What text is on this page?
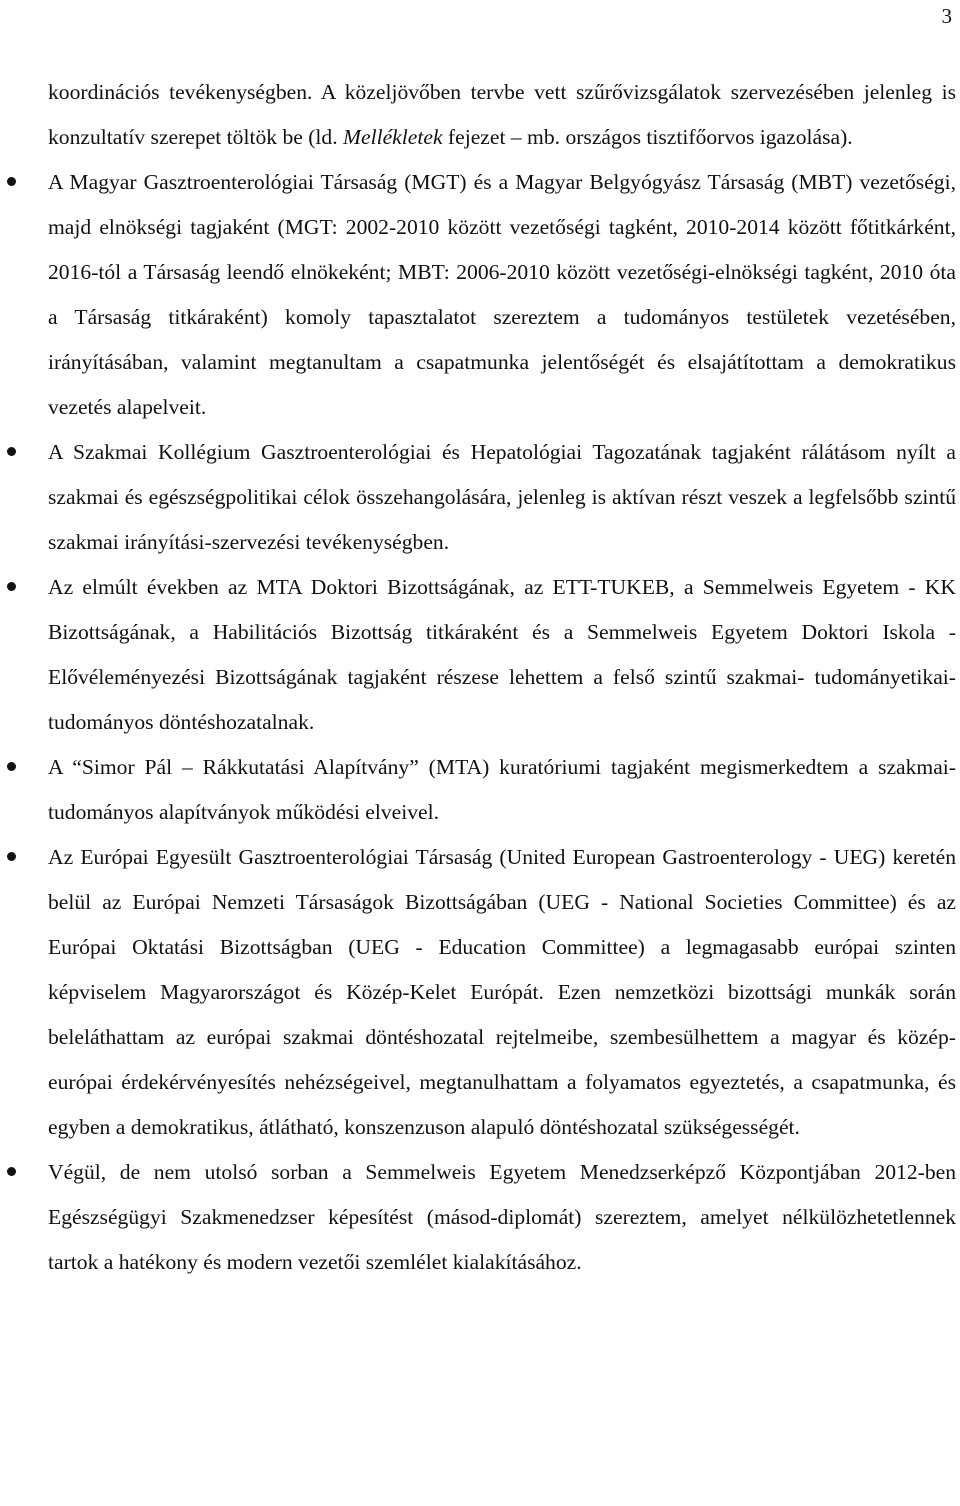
3

koordinációs tevékenységben. A közeljövőben tervbe vett szűrővizsgálatok szervezésében jelenleg is konzultatív szerepet töltök be (ld. Mellékletek fejezet – mb. országos tisztifőorvos igazolása).

A Magyar Gasztroenterológiai Társaság (MGT) és a Magyar Belgyógyász Társaság (MBT) vezetőségi, majd elnökségi tagjaként (MGT: 2002-2010 között vezetőségi tagként, 2010-2014 között főtitkárként, 2016-tól a Társaság leendő elnökeként; MBT: 2006-2010 között vezetőségi-elnökségi tagként, 2010 óta a Társaság titkáraként) komoly tapasztalatot szereztem a tudományos testületek vezetésében, irányításában, valamint megtanultam a csapatmunka jelentőségét és elsajátítottam a demokratikus vezetés alapelveit.
A Szakmai Kollégium Gasztroenterológiai és Hepatológiai Tagozatának tagjaként rálátásom nyílt a szakmai és egészségpolitikai célok összehangolására, jelenleg is aktívan részt veszek a legfelsőbb szintű szakmai irányítási-szervezési tevékenységben.
Az elmúlt években az MTA Doktori Bizottságának, az ETT-TUKEB, a Semmelweis Egyetem - KK Bizottságának, a Habilitációs Bizottság titkáraként és a Semmelweis Egyetem Doktori Iskola - Elővéleményezési Bizottságának tagjaként részese lehettem a felső szintű szakmai- tudományetikai-tudományos döntéshozatalnak.
A “Simor Pál – Rákkutatási Alapítvány” (MTA) kuratóriumi tagjaként megismerkedtem a szakmai-tudományos alapítványok működési elveivel.
Az Európai Egyesült Gasztroenterológiai Társaság (United European Gastroenterology - UEG) keretén belül az Európai Nemzeti Társaságok Bizottságában (UEG - National Societies Committee) és az Európai Oktatási Bizottságban (UEG - Education Committee) a legmagasabb európai szinten képviselem Magyarországot és Közép-Kelet Európát. Ezen nemzetközi bizottsági munkák során beleláthattam az európai szakmai döntéshozatal rejtelmeibe, szembesülhettem a magyar és közép-európai érdekérvényesítés nehézségeivel, megtanulhattam a folyamatos egyeztetés, a csapatmunka, és egyben a demokratikus, átlátható, konszenzuson alapuló döntéshozatal szükségességét.
Végül, de nem utolsó sorban a Semmelweis Egyetem Menedzserképző Központjában 2012-ben Egészségügyi Szakmenedzser képesítést (másod-diplomát) szereztem, amelyet nélkülözhetetlennek tartok a hatékony és modern vezetői szemlélet kialakításához.
